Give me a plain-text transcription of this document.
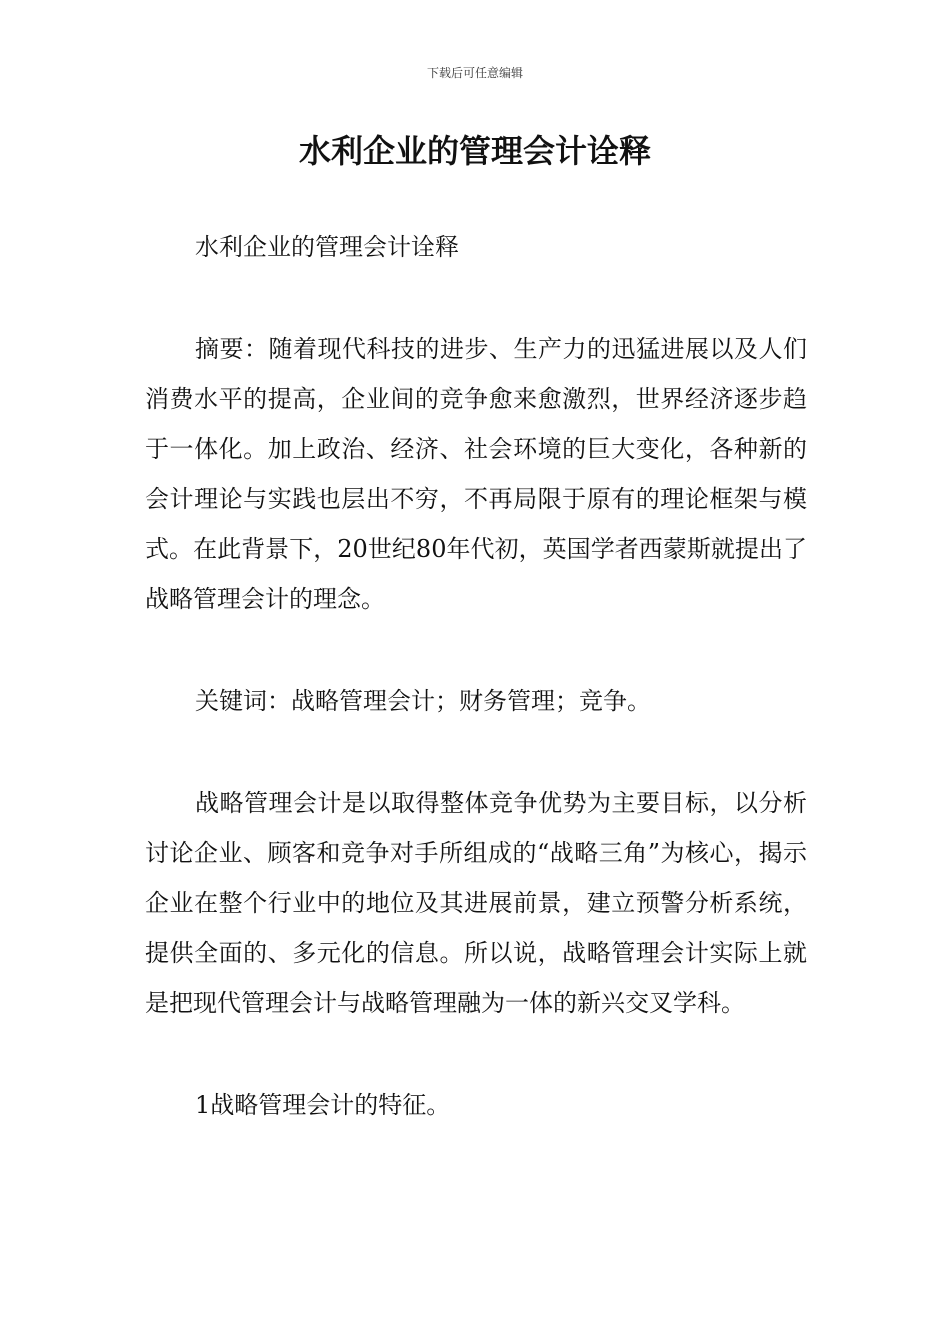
下载后可任意编辑
水利企业的管理会计诠释

水利企业的管理会计诠释

摘要：随着现代科技的进步、生产力的迅猛进展以及人们消费水平的提高，企业间的竞争愈来愈激烈，世界经济逐步趋于一体化。加上政治、经济、社会环境的巨大变化，各种新的会计理论与实践也层出不穷，不再局限于原有的理论框架与模式。在此背景下，20世纪80年代初，英国学者西蒙斯就提出了战略管理会计的理念。

关键词：战略管理会计；财务管理；竞争。

战略管理会计是以取得整体竞争优势为主要目标，以分析讨论企业、顾客和竞争对手所组成的“战略三角”为核心，揭示企业在整个行业中的地位及其进展前景，建立预警分析系统，提供全面的、多元化的信息。所以说，战略管理会计实际上就是把现代管理会计与战略管理融为一体的新兴交叉学科。

1战略管理会计的特征。
